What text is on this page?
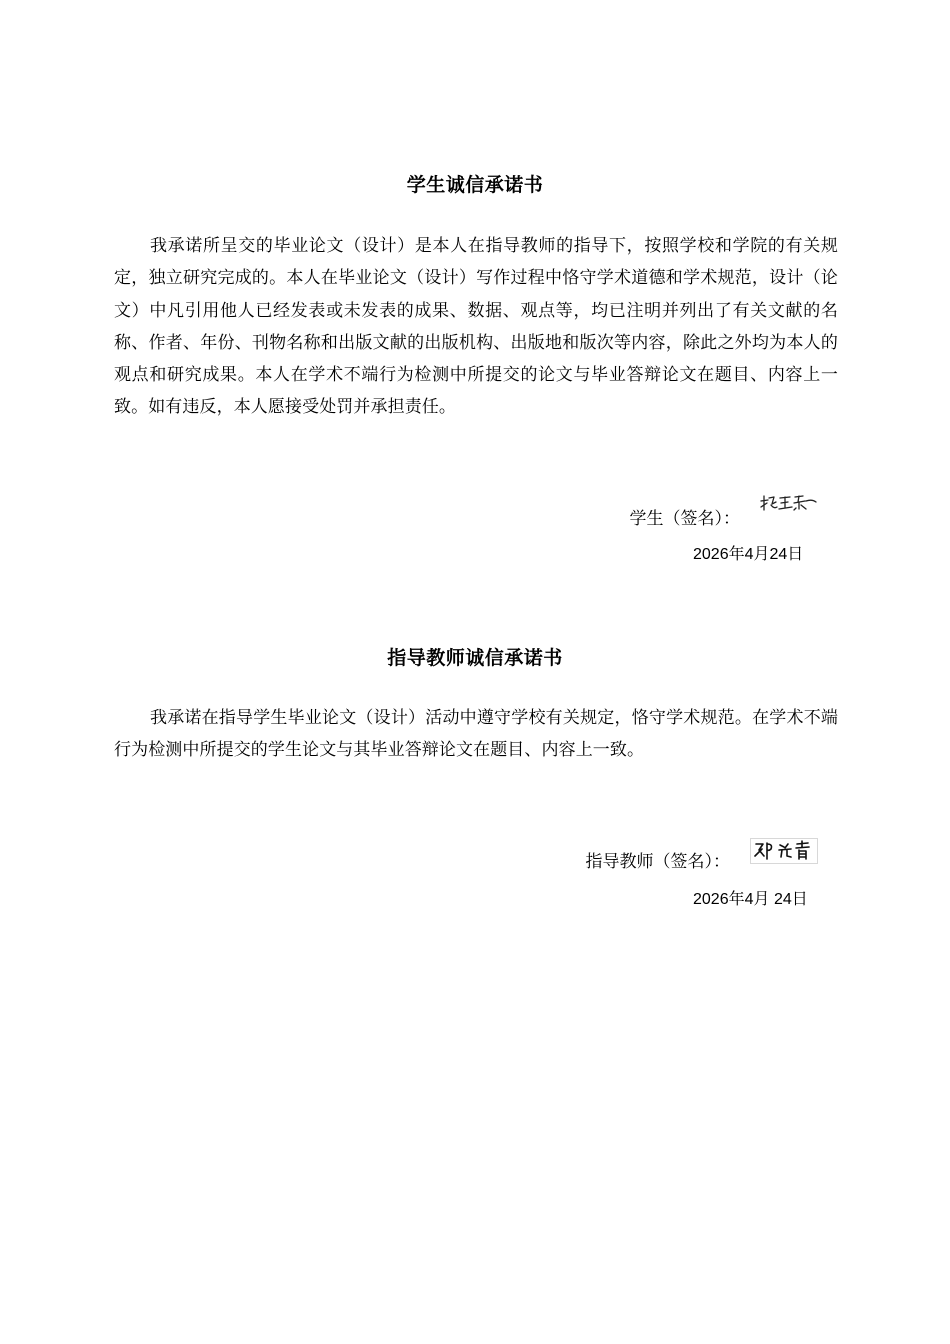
学生诚信承诺书

我承诺所呈交的毕业论文（设计）是本人在指导教师的指导下，按照学校和学院的有关规定，独立研究完成的。本人在毕业论文（设计）写作过程中恪守学术道德和学术规范，设计（论文）中凡引用他人已经发表或未发表的成果、数据、观点等，均已注明并列出了有关文献的名称、作者、年份、刊物名称和出版文献的出版机构、出版地和版次等内容，除此之外均为本人的观点和研究成果。本人在学术不端行为检测中所提交的论文与毕业答辩论文在题目、内容上一致。如有违反，本人愿接受处罚并承担责任。

学生（签名）：
2026年4月24日
指导教师诚信承诺书

我承诺在指导学生毕业论文（设计）活动中遵守学校有关规定，恪守学术规范。在学术不端行为检测中所提交的学生论文与其毕业答辩论文在题目、内容上一致。

指导教师（签名）：
2026年4月 24日
